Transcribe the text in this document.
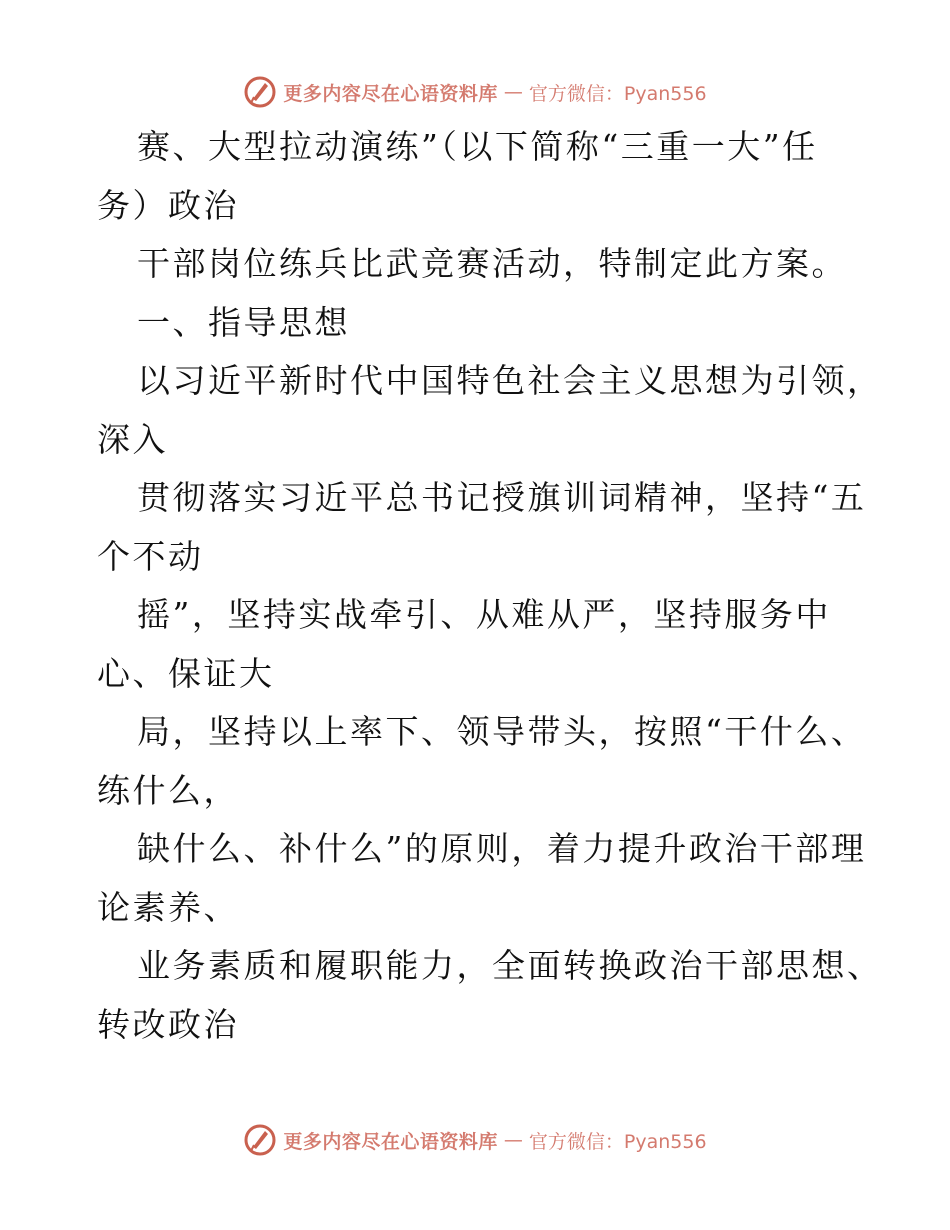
更多内容尽在心语资料库 — 官方微信：Pyan556
赛、大型拉动演练”（以下简称“三重一大”任
务）政治
干部岗位练兵比武竞赛活动，特制定此方案。
一、指导思想
以习近平新时代中国特色社会主义思想为引领，
深入
贯彻落实习近平总书记授旗训词精神，坚持“五
个不动
摇”，坚持实战牵引、从难从严，坚持服务中
心、保证大
局，坚持以上率下、领导带头，按照“干什么、
练什么，
缺什么、补什么”的原则，着力提升政治干部理
论素养、
业务素质和履职能力，全面转换政治干部思想、
转改政治
更多内容尽在心语资料库 — 官方微信：Pyan556
